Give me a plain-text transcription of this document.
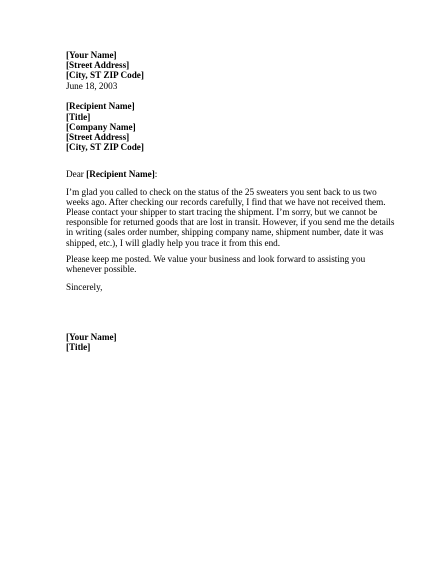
[Your Name]
[Street Address]
[City, ST ZIP Code]
June 18, 2003
[Recipient Name]
[Title]
[Company Name]
[Street Address]
[City, ST ZIP Code]
Dear [Recipient Name]:
I’m glad you called to check on the status of the 25 sweaters you sent back to us two
weeks ago. After checking our records carefully, I find that we have not received them.
Please contact your shipper to start tracing the shipment. I’m sorry, but we cannot be
responsible for returned goods that are lost in transit. However, if you send me the details
in writing (sales order number, shipping company name, shipment number, date it was
shipped, etc.), I will gladly help you trace it from this end.
Please keep me posted. We value your business and look forward to assisting you
whenever possible.
Sincerely,
[Your Name]
[Title]
